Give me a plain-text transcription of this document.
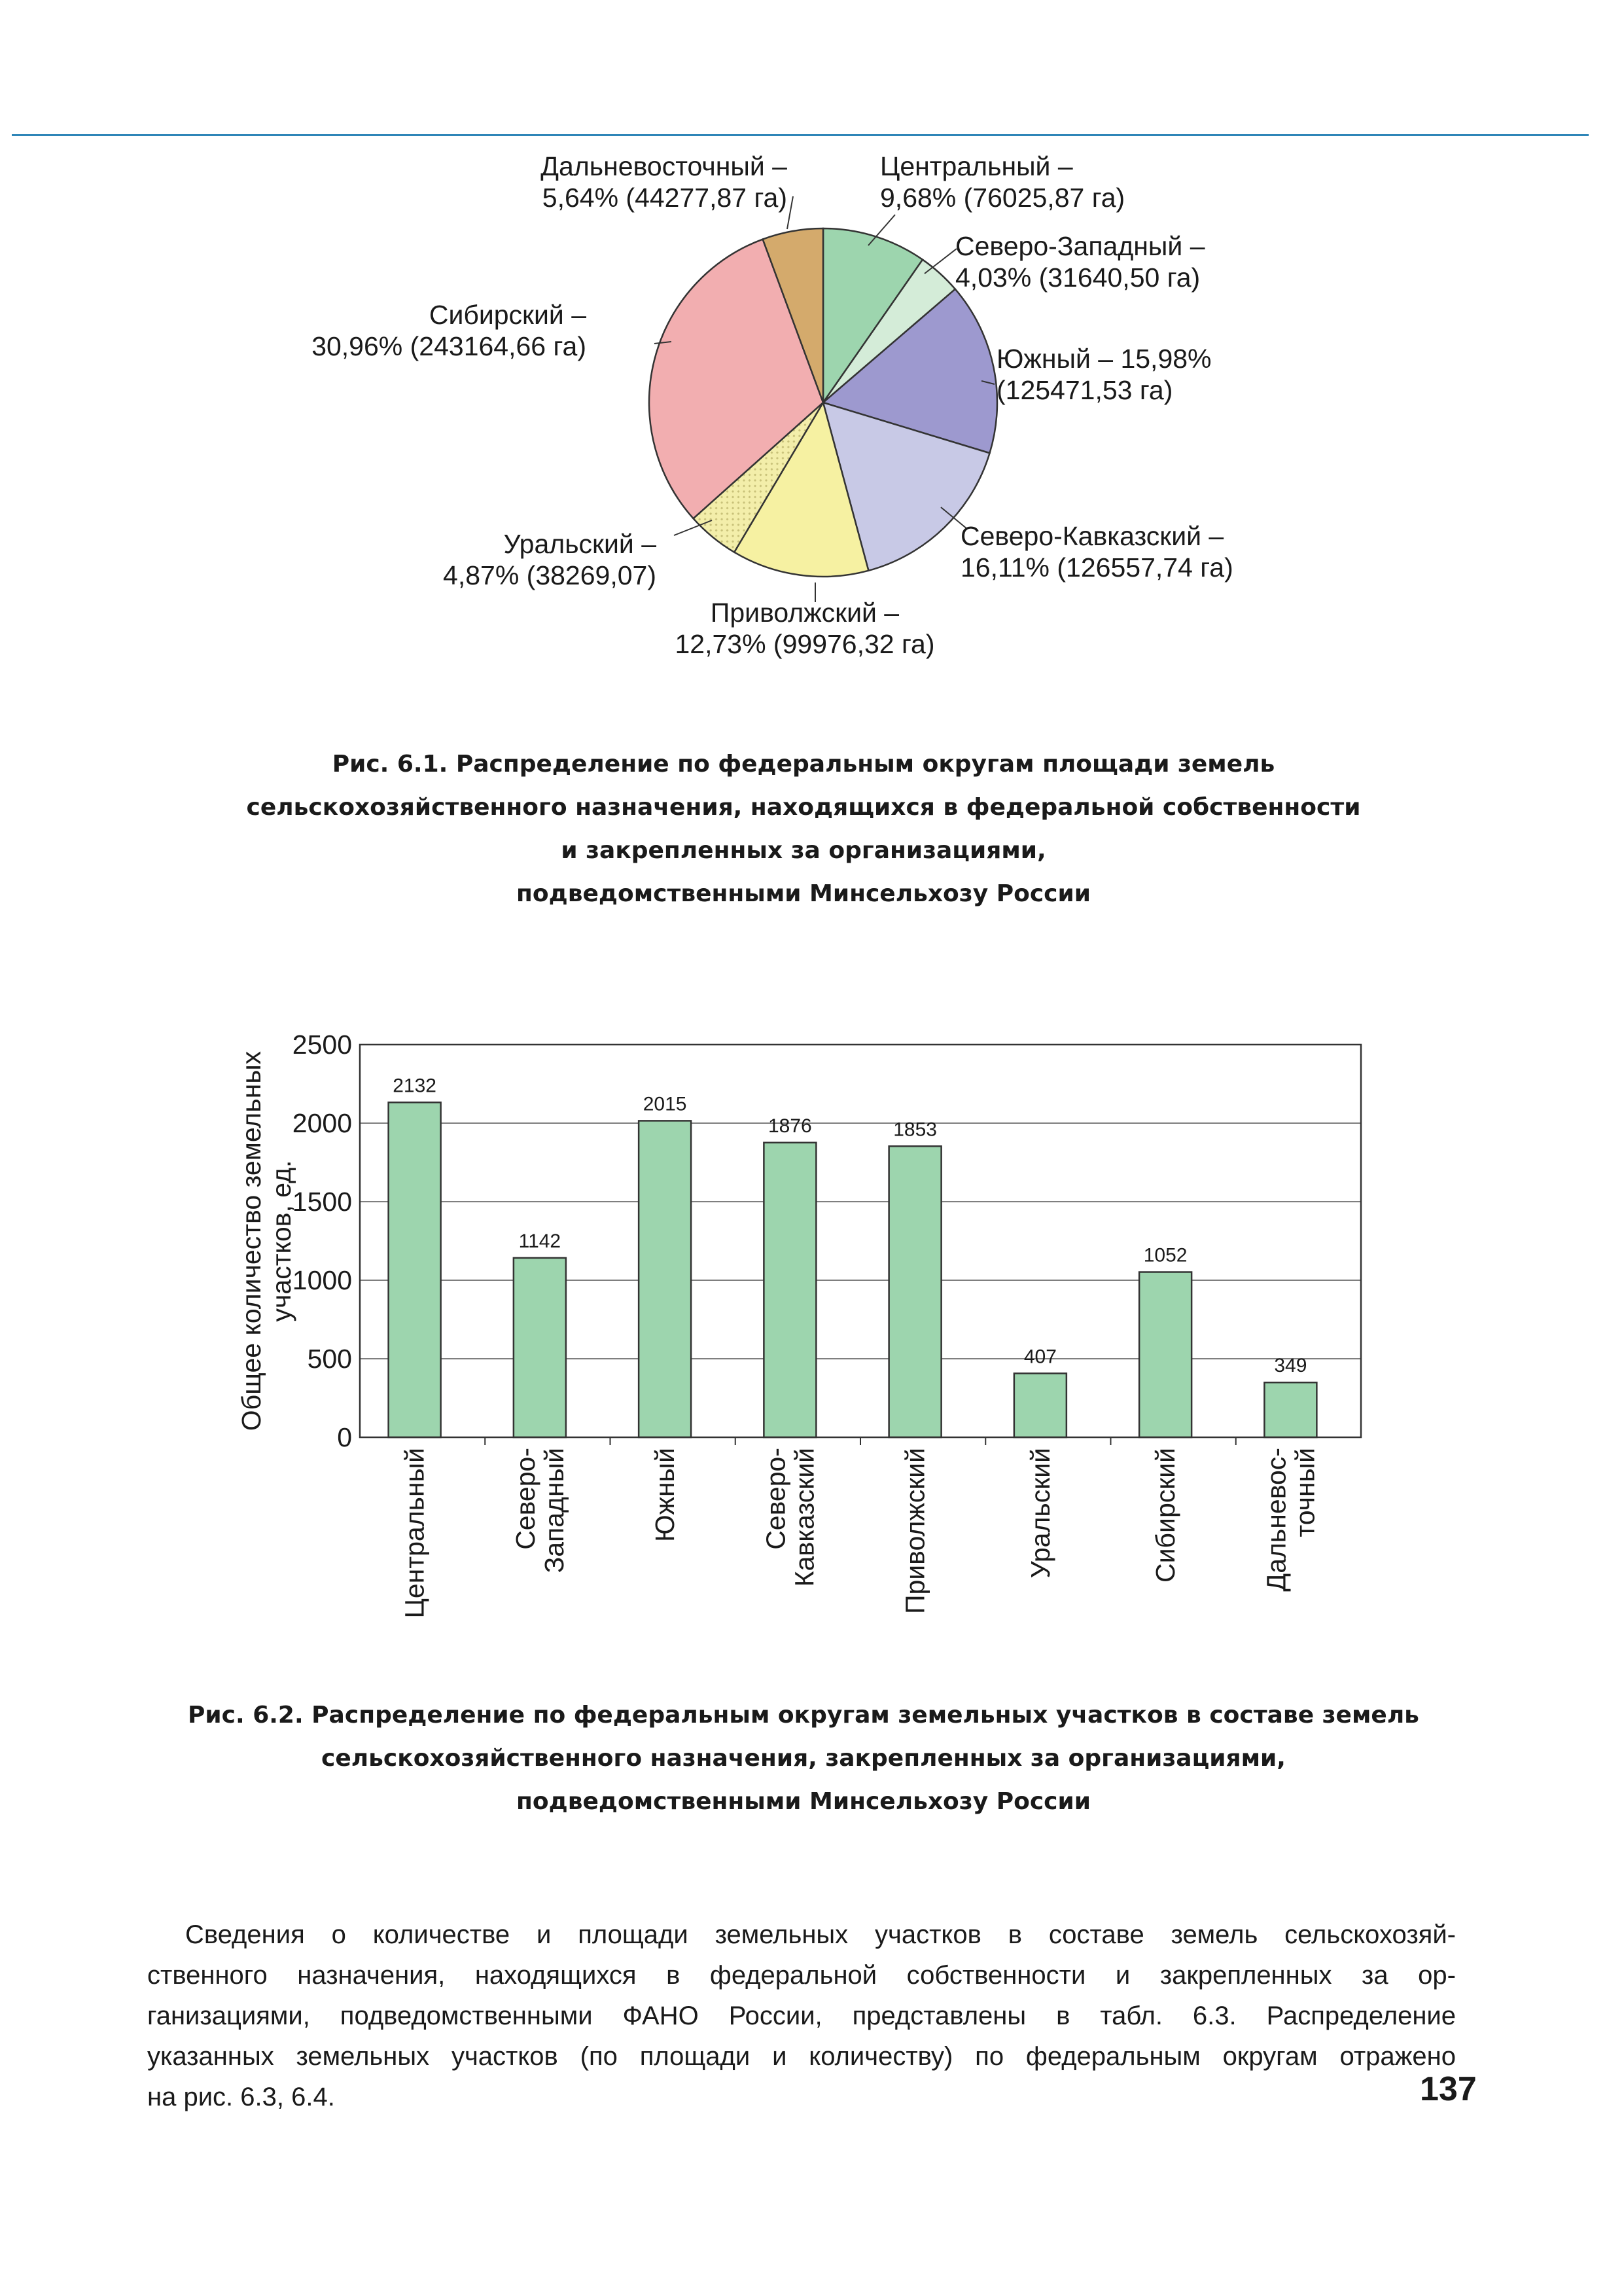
Центральный –
9,68% (76025,87 га)
Северо-Западный –
4,03% (31640,50 га)
Южный – 15,98%
(125471,53 га)
Северо-Кавказский –
16,11% (126557,74 га)
Приволжский –
12,73% (99976,32 га)
Уральский –
4,87% (38269,07)
Сибирский –
30,96% (243164,66 га)
Дальневосточный –
5,64% (44277,87 га)
Рис. 6.1. Распределение по федеральным округам площади земель
сельскохозяйственного назначения, находящихся в федеральной собственности
и закрепленных за организациями,
подведомственными Минсельхозу России
0
500
1000
1500
2000
2500
2132
Центральный
1142
Северо-
Западный
2015
Южный
1876
Северо-
Кавказский
1853
Приволжский
407
Уральский
1052
Сибирский
349
Дальневос-
точный
Общее количество земельных участков, ед.
Рис. 6.2. Распределение по федеральным округам земельных участков в составе земель
сельскохозяйственного назначения, закрепленных за организациями,
подведомственными Минсельхозу России
Сведения о количестве и площади земельных участков в составе земель сельскохозяй-
ственного назначения, находящихся в федеральной собственности и закрепленных за ор-
ганизациями, подведомственными ФАНО России, представлены в табл. 6.3. Распределение
указанных земельных участков (по площади и количеству) по федеральным округам отражено
на рис. 6.3, 6.4.	137
